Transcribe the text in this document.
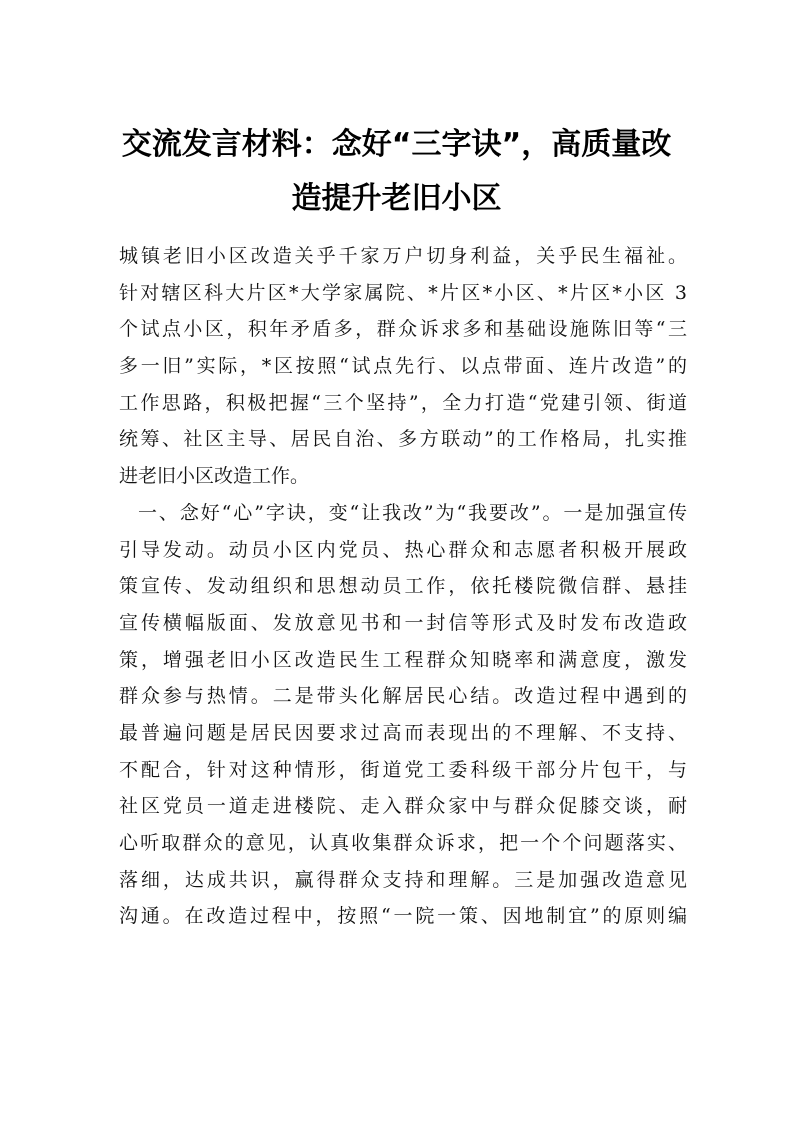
交流发言材料：念好“三字诀”，高质量改
造提升老旧小区
城镇老旧小区改造关乎千家万户切身利益，关乎民生福祉。
针对辖区科大片区*大学家属院、*片区*小区、*片区*小区 3
个试点小区，积年矛盾多，群众诉求多和基础设施陈旧等“三
多一旧”实际，*区按照“试点先行、以点带面、连片改造”的
工作思路，积极把握“三个坚持”，全力打造“党建引领、街道
统筹、社区主导、居民自治、多方联动”的工作格局，扎实推
进老旧小区改造工作。
一、念好“心”字诀，变“让我改”为“我要改”。一是加强宣传
引导发动。动员小区内党员、热心群众和志愿者积极开展政
策宣传、发动组织和思想动员工作，依托楼院微信群、悬挂
宣传横幅版面、发放意见书和一封信等形式及时发布改造政
策，增强老旧小区改造民生工程群众知晓率和满意度，激发
群众参与热情。二是带头化解居民心结。改造过程中遇到的
最普遍问题是居民因要求过高而表现出的不理解、不支持、
不配合，针对这种情形，街道党工委科级干部分片包干，与
社区党员一道走进楼院、走入群众家中与群众促膝交谈，耐
心听取群众的意见，认真收集群众诉求，把一个个问题落实、
落细，达成共识，赢得群众支持和理解。三是加强改造意见
沟通。在改造过程中，按照“一院一策、因地制宜”的原则编
